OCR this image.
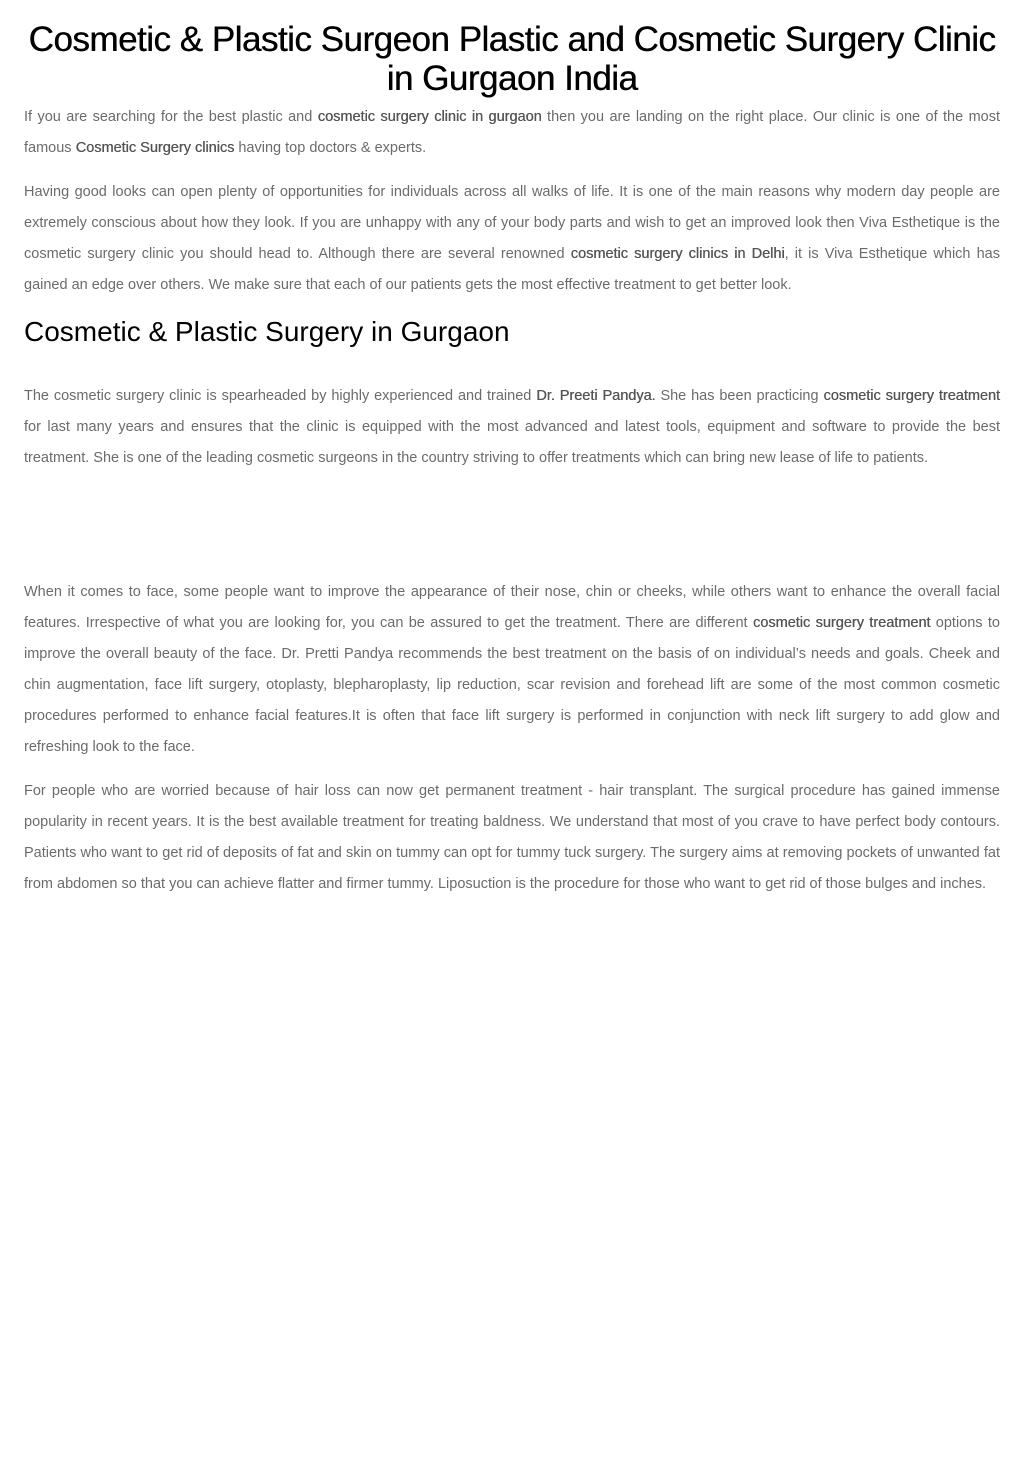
Cosmetic & Plastic Surgeon Plastic and Cosmetic Surgery Clinic in Gurgaon India

If you are searching for the best plastic and cosmetic surgery clinic in gurgaon then you are landing on the right place. Our clinic is one of the most famous Cosmetic Surgery clinics having top doctors & experts.

Having good looks can open plenty of opportunities for individuals across all walks of life. It is one of the main reasons why modern day people are extremely conscious about how they look. If you are unhappy with any of your body parts and wish to get an improved look then Viva Esthetique is the cosmetic surgery clinic you should head to. Although there are several renowned cosmetic surgery clinics in Delhi, it is Viva Esthetique which has gained an edge over others. We make sure that each of our patients gets the most effective treatment to get better look.

Cosmetic & Plastic Surgery in Gurgaon

The cosmetic surgery clinic is spearheaded by highly experienced and trained Dr. Preeti Pandya. She has been practicing cosmetic surgery treatment for last many years and ensures that the clinic is equipped with the most advanced and latest tools, equipment and software to provide the best treatment. She is one of the leading cosmetic surgeons in the country striving to offer treatments which can bring new lease of life to patients.

When it comes to face, some people want to improve the appearance of their nose, chin or cheeks, while others want to enhance the overall facial features. Irrespective of what you are looking for, you can be assured to get the treatment. There are different cosmetic surgery treatment options to improve the overall beauty of the face. Dr. Pretti Pandya recommends the best treatment on the basis of on individual’s needs and goals. Cheek and chin augmentation, face lift surgery, otoplasty, blepharoplasty, lip reduction, scar revision and forehead lift are some of the most common cosmetic procedures performed to enhance facial features.It is often that face lift surgery is performed in conjunction with neck lift surgery to add glow and refreshing look to the face.

For people who are worried because of hair loss can now get permanent treatment - hair transplant. The surgical procedure has gained immense popularity in recent years. It is the best available treatment for treating baldness. We understand that most of you crave to have perfect body contours. Patients who want to get rid of deposits of fat and skin on tummy can opt for tummy tuck surgery. The surgery aims at removing pockets of unwanted fat from abdomen so that you can achieve flatter and firmer tummy. Liposuction is the procedure for those who want to get rid of those bulges and inches.
